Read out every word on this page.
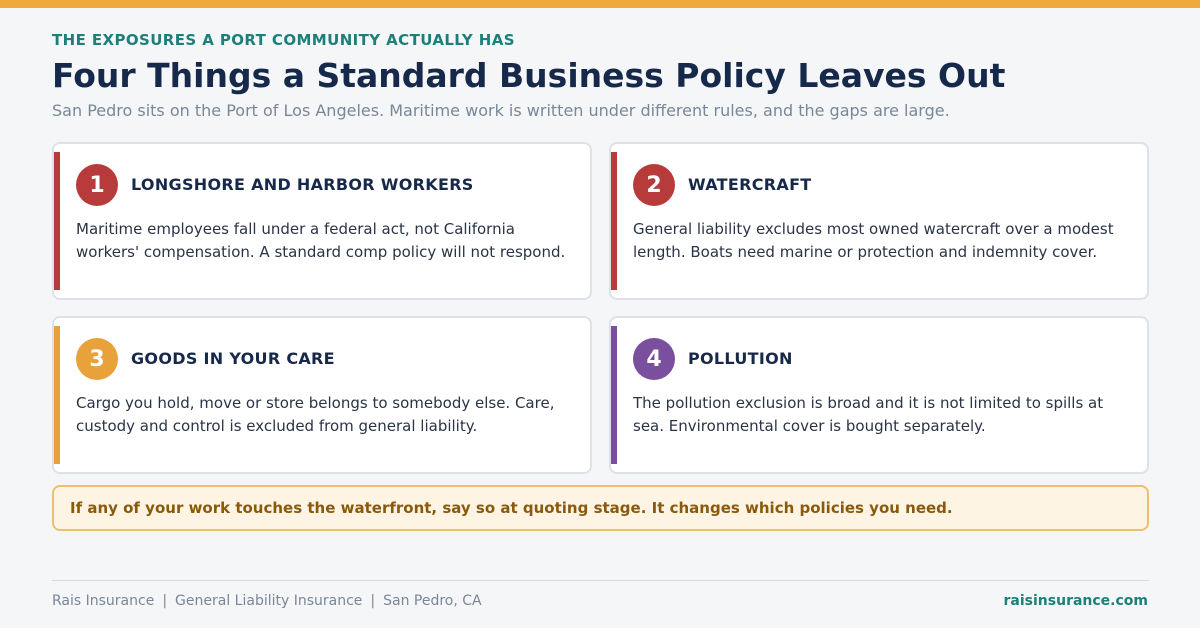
THE EXPOSURES A PORT COMMUNITY ACTUALLY HAS
Four Things a Standard Business Policy Leaves Out
San Pedro sits on the Port of Los Angeles. Maritime work is written under different rules, and the gaps are large.
1	LONGSHORE AND HARBOR WORKERS
Maritime employees fall under a federal act, not California workers' compensation. A standard comp policy will not respond.
2	WATERCRAFT
General liability excludes most owned watercraft over a modest length. Boats need marine or protection and indemnity cover.
3	GOODS IN YOUR CARE
Cargo you hold, move or store belongs to somebody else. Care, custody and control is excluded from general liability.
4	POLLUTION
The pollution exclusion is broad and it is not limited to spills at sea. Environmental cover is bought separately.
If any of your work touches the waterfront, say so at quoting stage. It changes which policies you need.
Rais Insurance | General Liability Insurance | San Pedro, CA	raisinsurance.com
